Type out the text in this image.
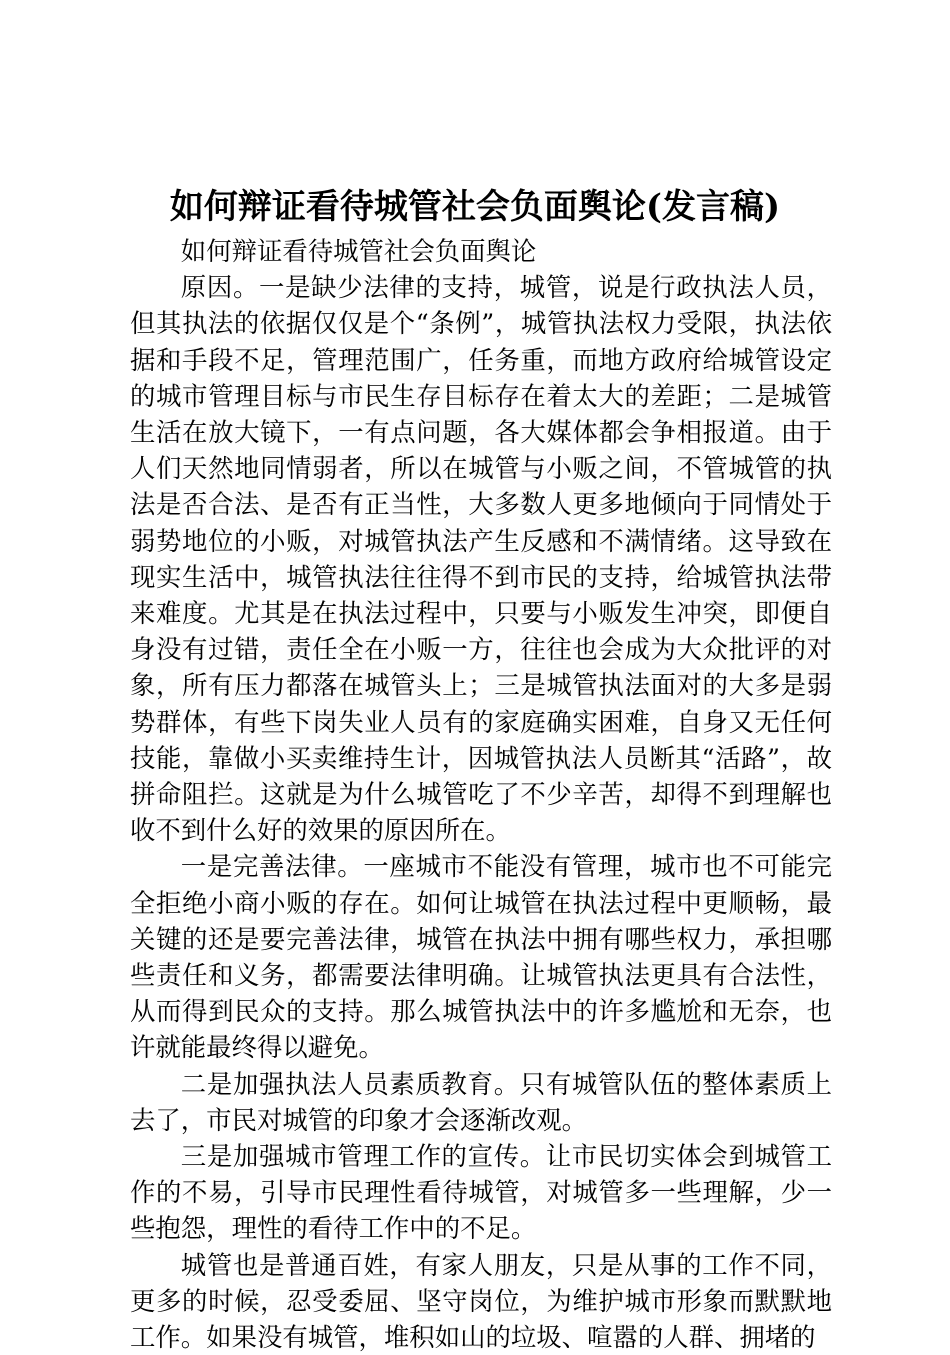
如何辩证看待城管社会负面舆论(发言稿)

如何辩证看待城管社会负面舆论

原因。一是缺少法律的支持，城管，说是行政执法人员，但其执法的依据仅仅是个“条例”，城管执法权力受限，执法依据和手段不足，管理范围广，任务重，而地方政府给城管设定的城市管理目标与市民生存目标存在着太大的差距；二是城管生活在放大镜下，一有点问题，各大媒体都会争相报道。由于人们天然地同情弱者，所以在城管与小贩之间，不管城管的执法是否合法、是否有正当性，大多数人更多地倾向于同情处于弱势地位的小贩，对城管执法产生反感和不满情绪。这导致在现实生活中，城管执法往往得不到市民的支持，给城管执法带来难度。尤其是在执法过程中，只要与小贩发生冲突，即便自身没有过错，责任全在小贩一方，往往也会成为大众批评的对象，所有压力都落在城管头上；三是城管执法面对的大多是弱势群体，有些下岗失业人员有的家庭确实困难，自身又无任何技能，靠做小买卖维持生计，因城管执法人员断其“活路”，故拼命阻拦。这就是为什么城管吃了不少辛苦，却得不到理解也收不到什么好的效果的原因所在。

一是完善法律。一座城市不能没有管理，城市也不可能完全拒绝小商小贩的存在。如何让城管在执法过程中更顺畅，最关键的还是要完善法律，城管在执法中拥有哪些权力，承担哪些责任和义务，都需要法律明确。让城管执法更具有合法性，从而得到民众的支持。那么城管执法中的许多尴尬和无奈，也许就能最终得以避免。

二是加强执法人员素质教育。只有城管队伍的整体素质上去了，市民对城管的印象才会逐渐改观。

三是加强城市管理工作的宣传。让市民切实体会到城管工作的不易，引导市民理性看待城管，对城管多一些理解，少一些抱怨，理性的看待工作中的不足。

城管也是普通百姓，有家人朋友，只是从事的工作不同，更多的时候，忍受委屈、坚守岗位，为维护城市形象而默默地工作。如果没有城管，堆积如山的垃圾、喧嚣的人群、拥堵的
